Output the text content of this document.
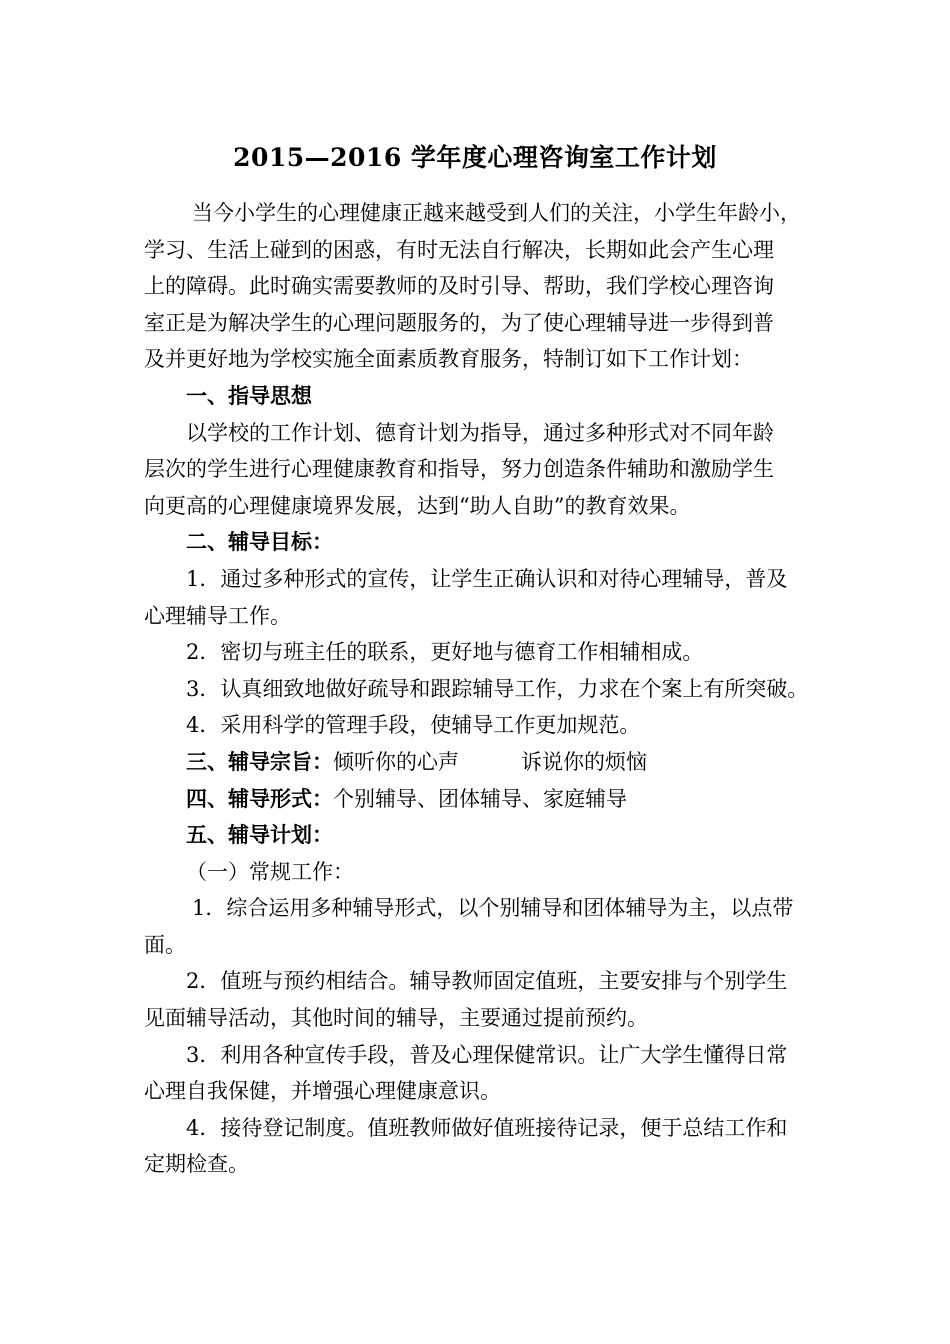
2015—2016 学年度心理咨询室工作计划
当今小学生的心理健康正越来越受到人们的关注，小学生年龄小，
学习、生活上碰到的困惑，有时无法自行解决，长期如此会产生心理
上的障碍。此时确实需要教师的及时引导、帮助，我们学校心理咨询
室正是为解决学生的心理问题服务的，为了使心理辅导进一步得到普
及并更好地为学校实施全面素质教育服务，特制订如下工作计划：
一、指导思想
以学校的工作计划、德育计划为指导，通过多种形式对不同年龄
层次的学生进行心理健康教育和指导，努力创造条件辅助和激励学生
向更高的心理健康境界发展，达到“助人自助”的教育效果。
二、辅导目标：
1．通过多种形式的宣传，让学生正确认识和对待心理辅导，普及
心理辅导工作。
2．密切与班主任的联系，更好地与德育工作相辅相成。
3．认真细致地做好疏导和跟踪辅导工作，力求在个案上有所突破。
4．采用科学的管理手段，使辅导工作更加规范。
三、辅导宗旨：倾听你的心声	诉说你的烦恼
四、辅导形式：个别辅导、团体辅导、家庭辅导
五、辅导计划：
（一）常规工作：
1．综合运用多种辅导形式，以个别辅导和团体辅导为主，以点带
面。
2．值班与预约相结合。辅导教师固定值班，主要安排与个别学生
见面辅导活动，其他时间的辅导，主要通过提前预约。
3．利用各种宣传手段，普及心理保健常识。让广大学生懂得日常
心理自我保健，并增强心理健康意识。
4．接待登记制度。值班教师做好值班接待记录，便于总结工作和
定期检查。
